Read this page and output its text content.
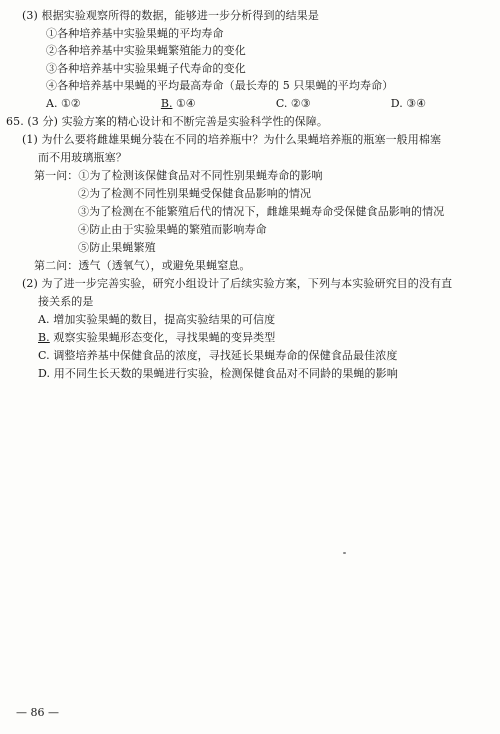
(3) 根据实验观察所得的数据，能够进一步分析得到的结果是
①各种培养基中实验果蝇的平均寿命
②各种培养基中实验果蝇繁殖能力的变化
③各种培养基中实验果蝇子代寿命的变化
④各种培养基中果蝇的平均最高寿命（最长寿的 5 只果蝇的平均寿命）
A. ①②	B. ①④	C. ②③	D. ③④
65. (3 分) 实验方案的精心设计和不断完善是实验科学性的保障。
(1) 为什么要将雌雄果蝇分装在不同的培养瓶中？为什么果蝇培养瓶的瓶塞一般用棉塞
而不用玻璃瓶塞？
第一问：①为了检测该保健食品对不同性别果蝇寿命的影响
②为了检测不同性别果蝇受保健食品影响的情况
③为了检测在不能繁殖后代的情况下，雌雄果蝇寿命受保健食品影响的情况
④防止由于实验果蝇的繁殖而影响寿命
⑤防止果蝇繁殖
第二问：透气（透氧气），或避免果蝇窒息。
(2) 为了进一步完善实验，研究小组设计了后续实验方案，下列与本实验研究目的没有直
接关系的是
A. 增加实验果蝇的数目，提高实验结果的可信度
B. 观察实验果蝇形态变化，寻找果蝇的变异类型
C. 调整培养基中保健食品的浓度，寻找延长果蝇寿命的保健食品最佳浓度
D. 用不同生长天数的果蝇进行实验，检测保健食品对不同龄的果蝇的影响
— 86 —
